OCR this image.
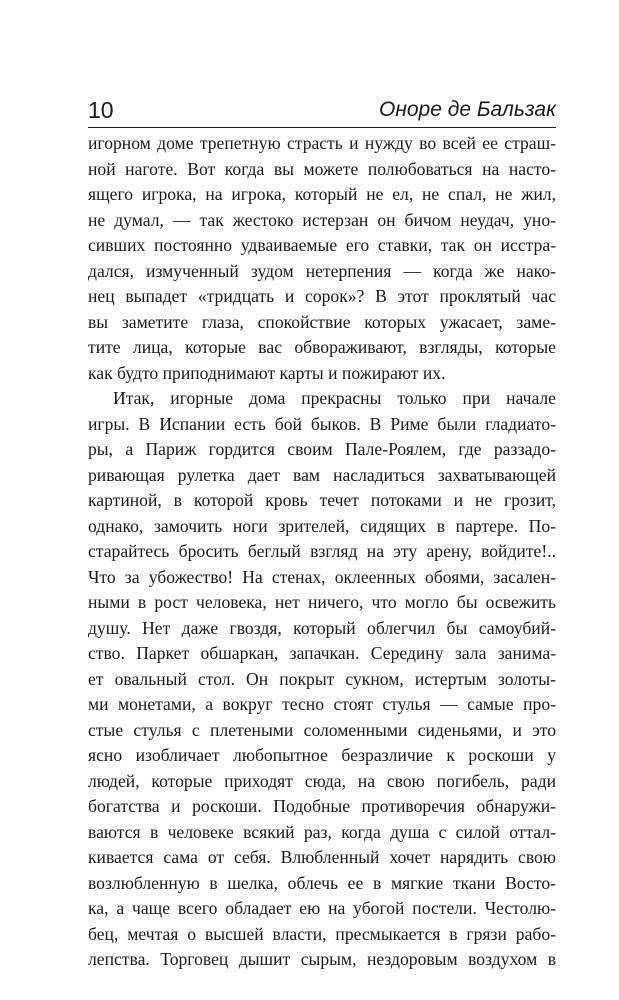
10	Оноре де Бальзак
игорном доме трепетную страсть и нужду во всей ее страш-
ной наготе. Вот когда вы можете полюбоваться на насто-
ящего игрока, на игрока, который не ел, не спал, не жил,
не думал, — так жестоко истерзан он бичом неудач, уно-
сивших постоянно удваиваемые его ставки, так он исстра-
дался, измученный зудом нетерпения — когда же нако-
нец выпадет «тридцать и сорок»? В этот проклятый час
вы заметите глаза, спокойствие которых ужасает, заме-
тите лица, которые вас обвораживают, взгляды, которые
как будто приподнимают карты и пожирают их.
Итак, игорные дома прекрасны только при начале
игры. В Испании есть бой быков. В Риме были гладиато-
ры, а Париж гордится своим Пале-Роялем, где раззадо-
ривающая рулетка дает вам насладиться захватывающей
картиной, в которой кровь течет потоками и не грозит,
однако, замочить ноги зрителей, сидящих в партере. По-
старайтесь бросить беглый взгляд на эту арену, войдите!..
Что за убожество! На стенах, оклеенных обоями, засален-
ными в рост человека, нет ничего, что могло бы освежить
душу. Нет даже гвоздя, который облегчил бы самоубий-
ство. Паркет обшаркан, запачкан. Середину зала занима-
ет овальный стол. Он покрыт сукном, истертым золоты-
ми монетами, а вокруг тесно стоят стулья — самые про-
стые стулья с плетеными соломенными сиденьями, и это
ясно изобличает любопытное безразличие к роскоши у
людей, которые приходят сюда, на свою погибель, ради
богатства и роскоши. Подобные противоречия обнаружи-
ваются в человеке всякий раз, когда душа с силой оттал-
кивается сама от себя. Влюбленный хочет нарядить свою
возлюбленную в шелка, облечь ее в мягкие ткани Восто-
ка, а чаще всего обладает ею на убогой постели. Честолю-
бец, мечтая о высшей власти, пресмыкается в грязи рабо-
лепства. Торговец дышит сырым, нездоровым воздухом в
